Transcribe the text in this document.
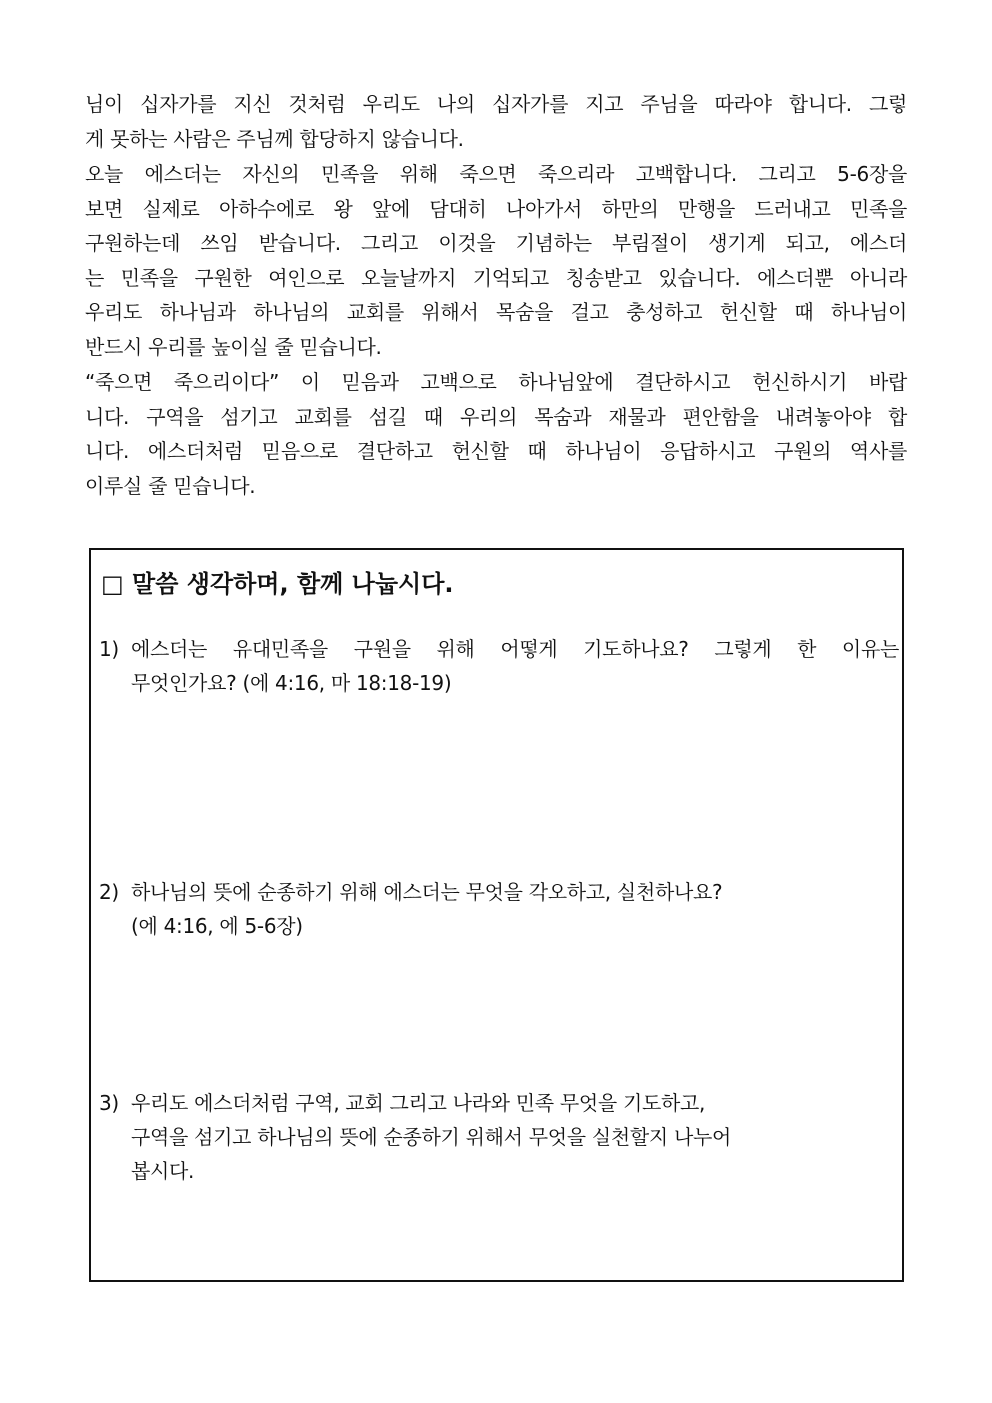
님이 십자가를 지신 것처럼 우리도 나의 십자가를 지고 주님을 따라야 합니다. 그렇
게 못하는 사람은 주님께 합당하지 않습니다.
오늘 에스더는 자신의 민족을 위해 죽으면 죽으리라 고백합니다. 그리고 5-6장을
보면 실제로 아하수에로 왕 앞에 담대히 나아가서 하만의 만행을 드러내고 민족을
구원하는데 쓰임 받습니다. 그리고 이것을 기념하는 부림절이 생기게 되고, 에스더
는 민족을 구원한 여인으로 오늘날까지 기억되고 칭송받고 있습니다. 에스더뿐 아니라
우리도 하나님과 하나님의 교회를 위해서 목숨을 걸고 충성하고 헌신할 때 하나님이
반드시 우리를 높이실 줄 믿습니다.
“죽으면 죽으리이다” 이 믿음과 고백으로 하나님앞에 결단하시고 헌신하시기 바랍
니다. 구역을 섬기고 교회를 섬길 때 우리의 목숨과 재물과 편안함을 내려놓아야 합
니다. 에스더처럼 믿음으로 결단하고 헌신할 때 하나님이 응답하시고 구원의 역사를
이루실 줄 믿습니다.
□ 말씀 생각하며, 함께 나눕시다.
1) 에스더는 유대민족을 구원을 위해 어떻게 기도하나요? 그렇게 한 이유는
무엇인가요? (에 4:16, 마 18:18-19)
2) 하나님의 뜻에 순종하기 위해 에스더는 무엇을 각오하고, 실천하나요?
(에 4:16, 에 5-6장)
3) 우리도 에스더처럼 구역, 교회 그리고 나라와 민족 무엇을 기도하고,
구역을 섬기고 하나님의 뜻에 순종하기 위해서 무엇을 실천할지 나누어
봅시다.
